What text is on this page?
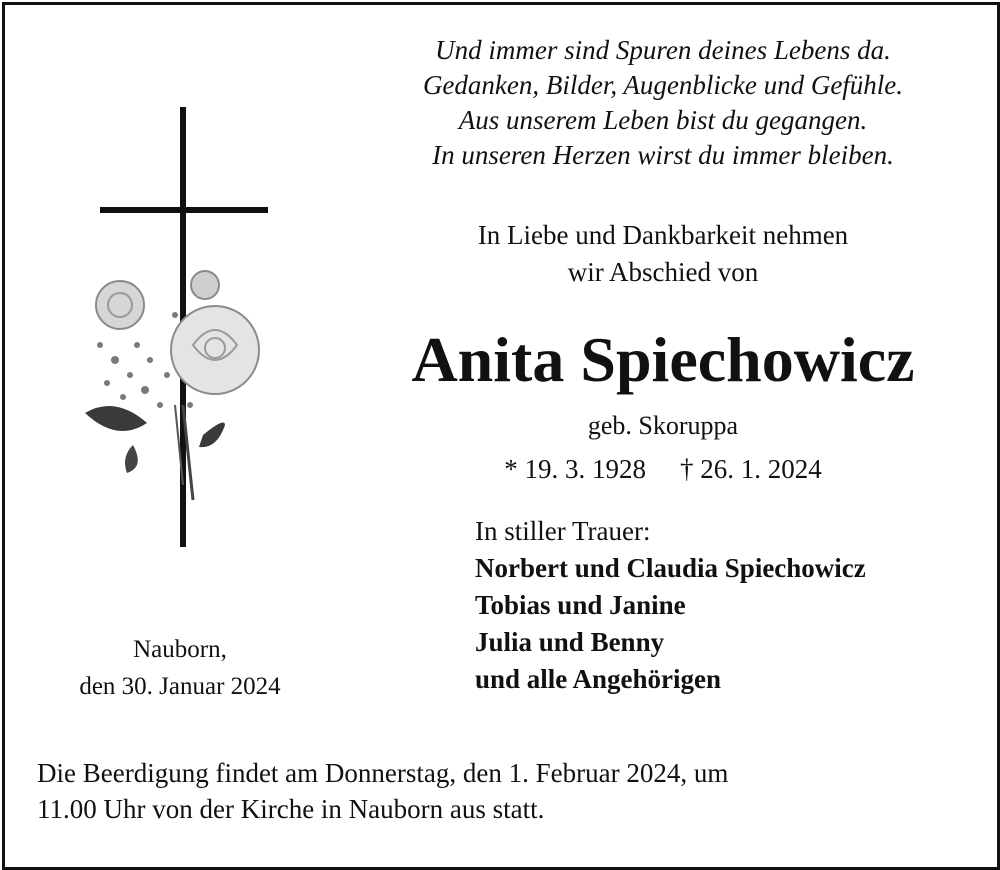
Und immer sind Spuren deines Lebens da.
Gedanken, Bilder, Augenblicke und Gefühle.
Aus unserem Leben bist du gegangen.
In unseren Herzen wirst du immer bleiben.
In Liebe und Dankbarkeit nehmen
wir Abschied von
Anita Spiechowicz
geb. Skoruppa
* 19. 3. 1928 † 26. 1. 2024
In stiller Trauer:
Norbert und Claudia Spiechowicz
Tobias und Janine
Julia und Benny
und alle Angehörigen
Nauborn,
den 30. Januar 2024
Die Beerdigung findet am Donnerstag, den 1. Februar 2024, um
11.00 Uhr von der Kirche in Nauborn aus statt.
